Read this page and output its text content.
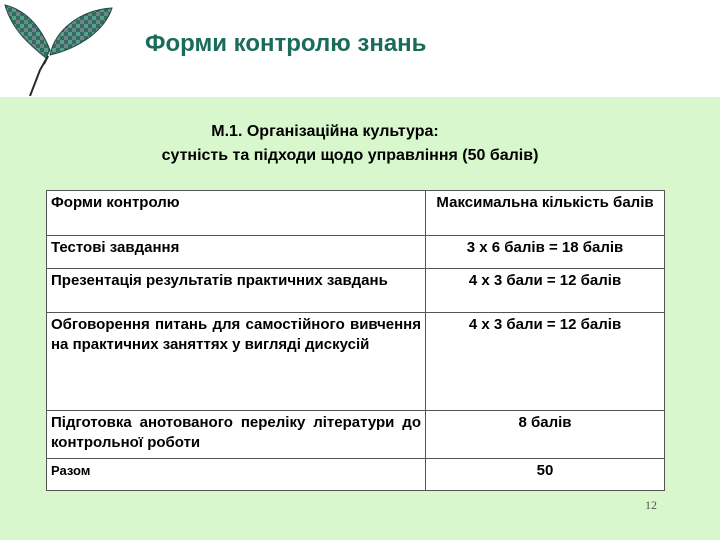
Форми контролю знань
М.1. Організаційна культура:
сутність та підходи щодо управління (50 балів)
Форми контролю	Максимальна кількість балів
Тестові завдання	3 х 6 балів = 18 балів
Презентація результатів практичних завдань	4 х 3 бали = 12 балів
Обговорення питань для самостійного вивчення на практичних заняттях у вигляді дискусій	4 х 3 бали = 12 балів
Підготовка анотованого переліку літератури до контрольної роботи	8 балів
Разом	50
12
